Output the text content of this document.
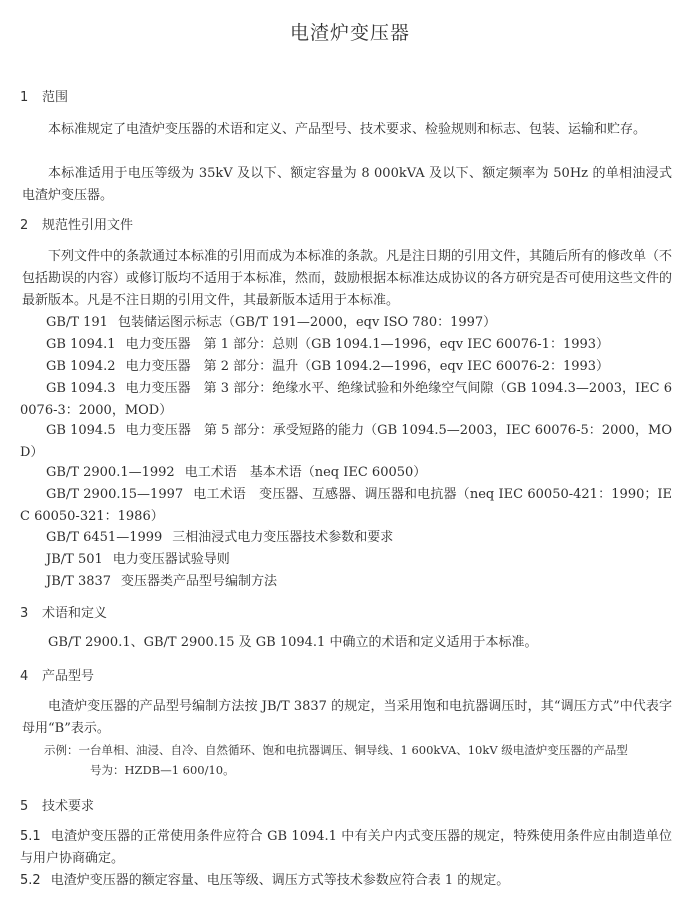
电渣炉变压器
1 范围
本标准规定了电渣炉变压器的术语和定义、产品型号、技术要求、检验规则和标志、包装、运输和贮存。
本标准适用于电压等级为 35kV 及以下、额定容量为 8 000kVA 及以下、额定频率为 50Hz 的单相油浸式电渣炉变压器。
2 规范性引用文件
下列文件中的条款通过本标准的引用而成为本标准的条款。凡是注日期的引用文件，其随后所有的修改单（不包括勘误的内容）或修订版均不适用于本标准，然而，鼓励根据本标准达成协议的各方研究是否可使用这些文件的最新版本。凡是不注日期的引用文件，其最新版本适用于本标准。
GB/T 191 包装储运图示标志（GB/T 191—2000，eqv ISO 780：1997）
GB 1094.1 电力变压器　第 1 部分：总则（GB 1094.1—1996，eqv IEC 60076-1：1993）
GB 1094.2 电力变压器　第 2 部分：温升（GB 1094.2—1996，eqv IEC 60076-2：1993）
GB 1094.3 电力变压器　第 3 部分：绝缘水平、绝缘试验和外绝缘空气间隙（GB 1094.3—2003，IEC 60076-3：2000，MOD）
GB 1094.5 电力变压器　第 5 部分：承受短路的能力（GB 1094.5—2003，IEC 60076-5：2000，MOD）
GB/T 2900.1—1992 电工术语　基本术语（neq IEC 60050）
GB/T 2900.15—1997 电工术语　变压器、互感器、调压器和电抗器（neq IEC 60050-421：1990；IEC 60050-321：1986）
GB/T 6451—1999 三相油浸式电力变压器技术参数和要求
JB/T 501 电力变压器试验导则
JB/T 3837 变压器类产品型号编制方法
3 术语和定义
GB/T 2900.1、GB/T 2900.15 及 GB 1094.1 中确立的术语和定义适用于本标准。
4 产品型号
电渣炉变压器的产品型号编制方法按 JB/T 3837 的规定，当采用饱和电抗器调压时，其“调压方式”中代表字母用“B”表示。
示例：一台单相、油浸、自冷、自然循环、饱和电抗器调压、铜导线、1 600kVA、10kV 级电渣炉变压器的产品型
号为：HZDB—1 600/10。
5 技术要求
5.1 电渣炉变压器的正常使用条件应符合 GB 1094.1 中有关户内式变压器的规定，特殊使用条件应由制造单位与用户协商确定。
5.2 电渣炉变压器的额定容量、电压等级、调压方式等技术参数应符合表 1 的规定。
